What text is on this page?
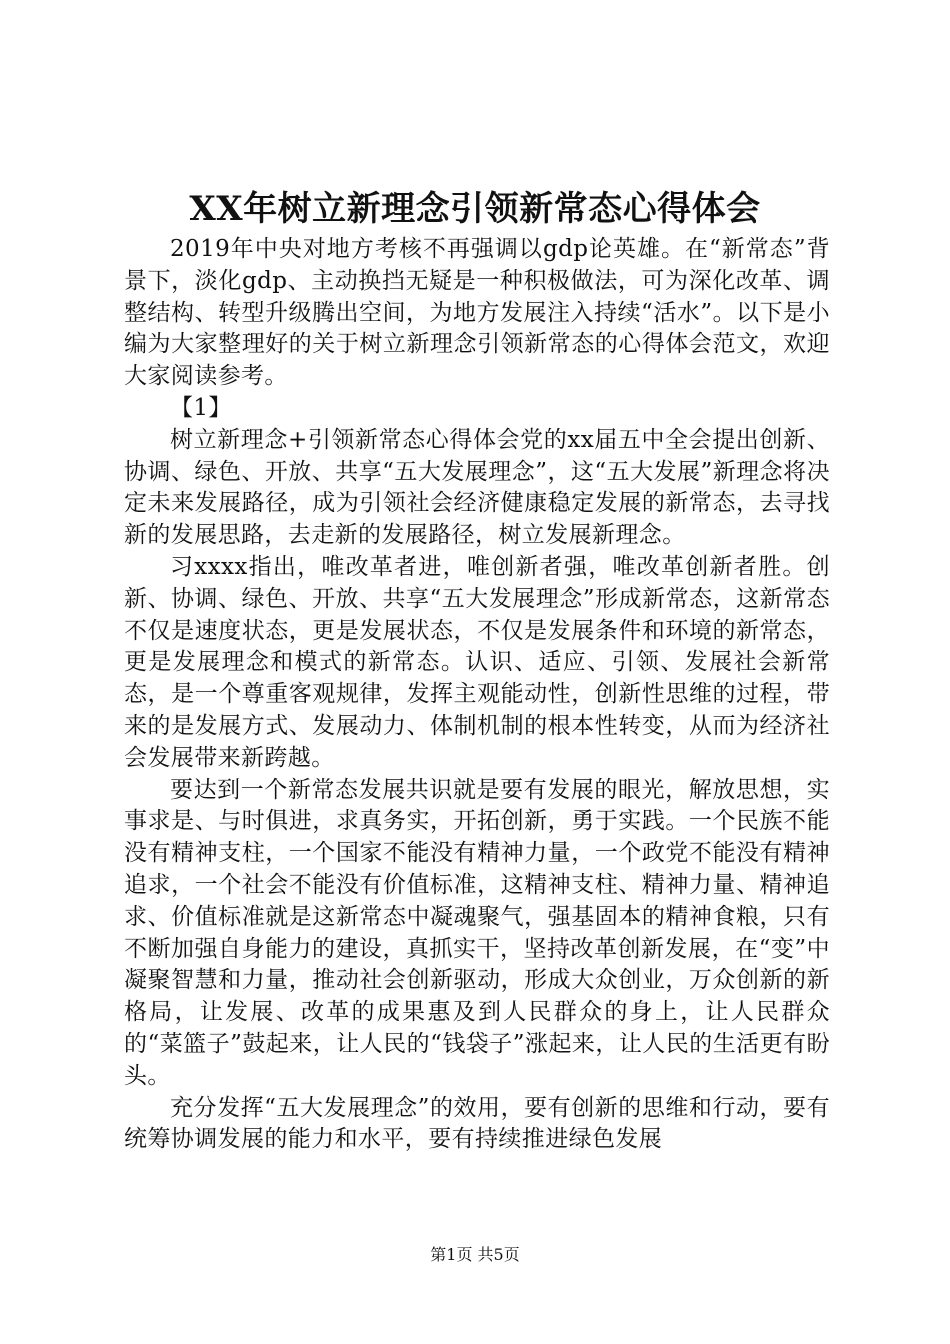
XX年树立新理念引领新常态心得体会

2019年中央对地方考核不再强调以gdp论英雄。在“新常态”背景下，淡化gdp、主动换挡无疑是一种积极做法，可为深化改革、调整结构、转型升级腾出空间，为地方发展注入持续“活水”。以下是小编为大家整理好的关于树立新理念引领新常态的心得体会范文，欢迎大家阅读参考。

【1】

树立新理念+引领新常态心得体会党的xx届五中全会提出创新、协调、绿色、开放、共享“五大发展理念”，这“五大发展”新理念将决定未来发展路径，成为引领社会经济健康稳定发展的新常态，去寻找新的发展思路，去走新的发展路径，树立发展新理念。

习xxxx指出，唯改革者进，唯创新者强，唯改革创新者胜。创新、协调、绿色、开放、共享“五大发展理念”形成新常态，这新常态不仅是速度状态，更是发展状态，不仅是发展条件和环境的新常态，更是发展理念和模式的新常态。认识、适应、引领、发展社会新常态，是一个尊重客观规律，发挥主观能动性，创新性思维的过程，带来的是发展方式、发展动力、体制机制的根本性转变，从而为经济社会发展带来新跨越。

要达到一个新常态发展共识就是要有发展的眼光，解放思想，实事求是、与时俱进，求真务实，开拓创新，勇于实践。一个民族不能没有精神支柱，一个国家不能没有精神力量，一个政党不能没有精神追求，一个社会不能没有价值标准，这精神支柱、精神力量、精神追求、价值标准就是这新常态中凝魂聚气，强基固本的精神食粮，只有不断加强自身能力的建设，真抓实干，坚持改革创新发展，在“变”中凝聚智慧和力量，推动社会创新驱动，形成大众创业，万众创新的新格局，让发展、改革的成果惠及到人民群众的身上，让人民群众的“菜篮子”鼓起来，让人民的“钱袋子”涨起来，让人民的生活更有盼头。

充分发挥“五大发展理念”的效用，要有创新的思维和行动，要有统筹协调发展的能力和水平，要有持续推进绿色发展

第1页 共5页
